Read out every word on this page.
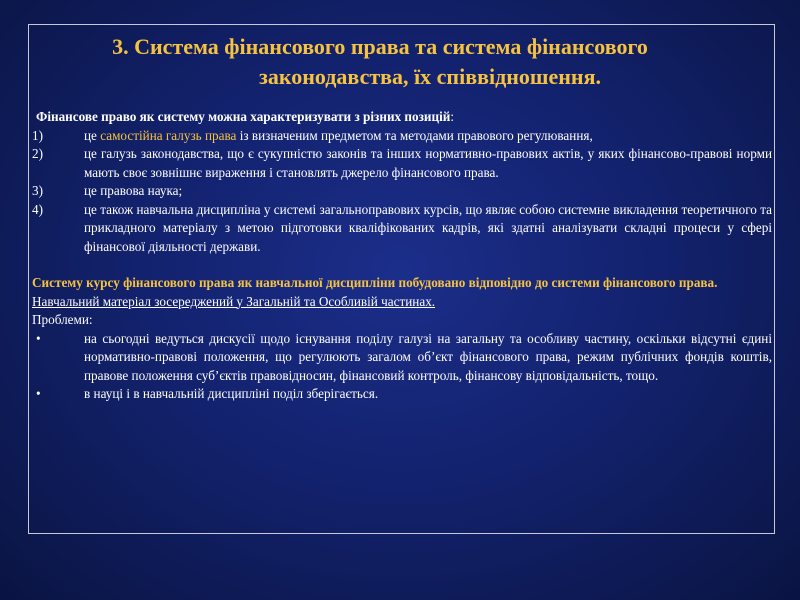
3. Система фінансового права та система фінансового
законодавства, їх співвідношення.

Фінансове право як систему можна характеризувати з різних позицій:

1)	це самостійна галузь права із визначеним предметом та методами правового регулювання,
2)	це галузь законодавства, що є сукупністю законів та інших нормативно-правових актів, у яких фінансово-правові норми мають своє зовнішнє вираження і становлять джерело фінансового права.
3)	це правова наука;
4)	це також навчальна дисципліна у системі загальноправових курсів, що являє собою системне викладення теоретичного та прикладного матеріалу з метою підготовки кваліфікованих кадрів, які здатні аналізувати складні процеси у сфері фінансової діяльності держави.

Систему курсу фінансового права як навчальної дисципліни побудовано відповідно до системи фінансового права.

Навчальний матеріал зосереджений у Загальній та Особливій частинах.

Проблеми:

•	на сьогодні ведуться дискусії щодо існування поділу галузі на загальну та особливу частину, оскільки відсутні єдині нормативно-правові положення, що регулюють загалом об’єкт фінансового права, режим публічних фондів коштів, правове положення суб’єктів правовідносин, фінансовий контроль, фінансову відповідальність, тощо.
•	в науці і в навчальній дисципліні поділ зберігається.
